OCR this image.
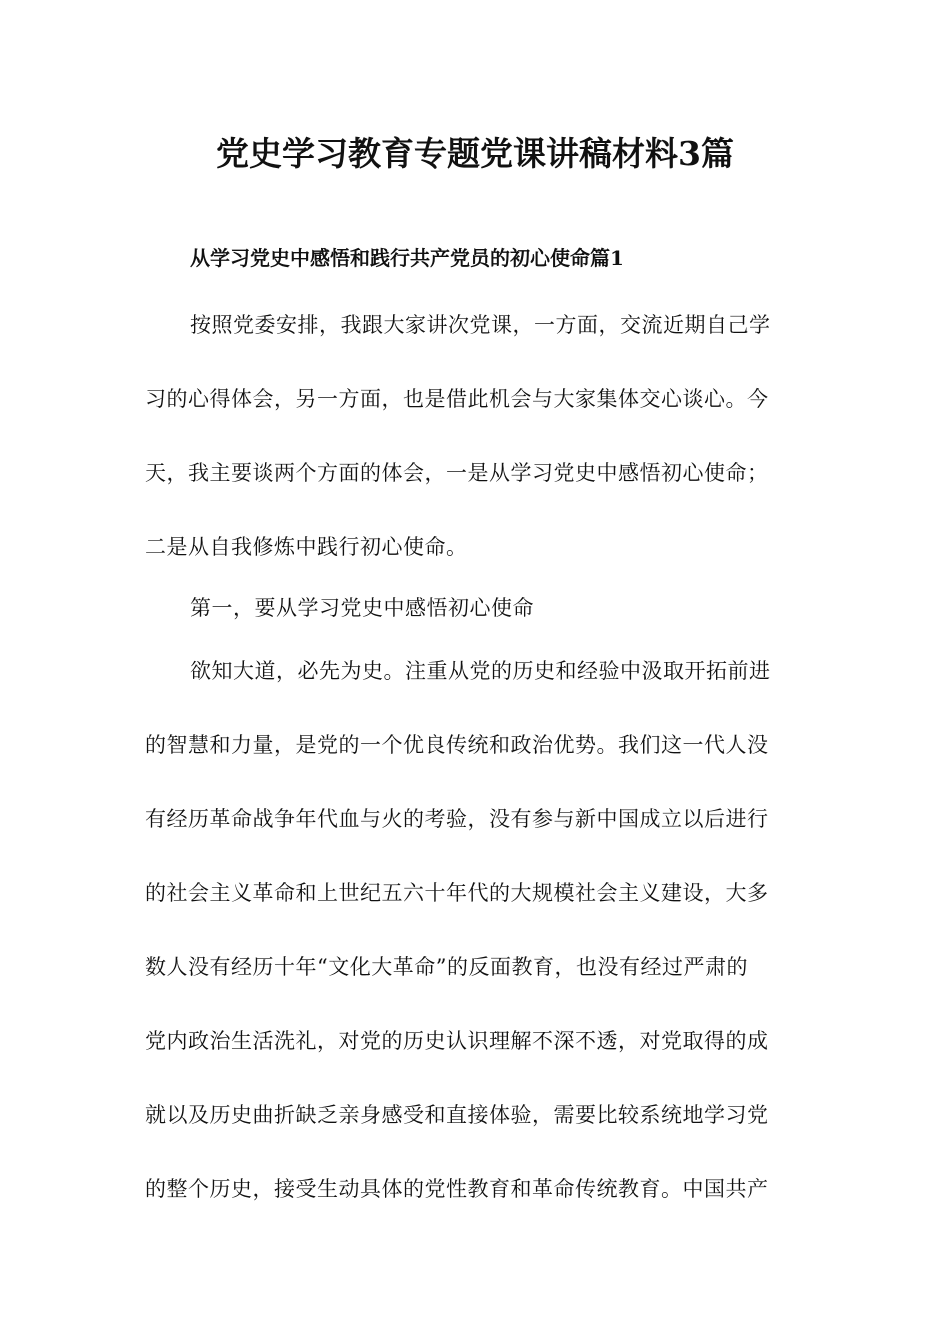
党史学习教育专题党课讲稿材料3篇
从学习党史中感悟和践行共产党员的初心使命篇1

按照党委安排，我跟大家讲次党课，一方面，交流近期自己学
习的心得体会，另一方面，也是借此机会与大家集体交心谈心。今
天，我主要谈两个方面的体会，一是从学习党史中感悟初心使命；
二是从自我修炼中践行初心使命。

第一，要从学习党史中感悟初心使命

欲知大道，必先为史。注重从党的历史和经验中汲取开拓前进
的智慧和力量，是党的一个优良传统和政治优势。我们这一代人没
有经历革命战争年代血与火的考验，没有参与新中国成立以后进行
的社会主义革命和上世纪五六十年代的大规模社会主义建设，大多
数人没有经历十年“文化大革命”的反面教育，也没有经过严肃的
党内政治生活洗礼，对党的历史认识理解不深不透，对党取得的成
就以及历史曲折缺乏亲身感受和直接体验，需要比较系统地学习党
的整个历史，接受生动具体的党性教育和革命传统教育。中国共产
